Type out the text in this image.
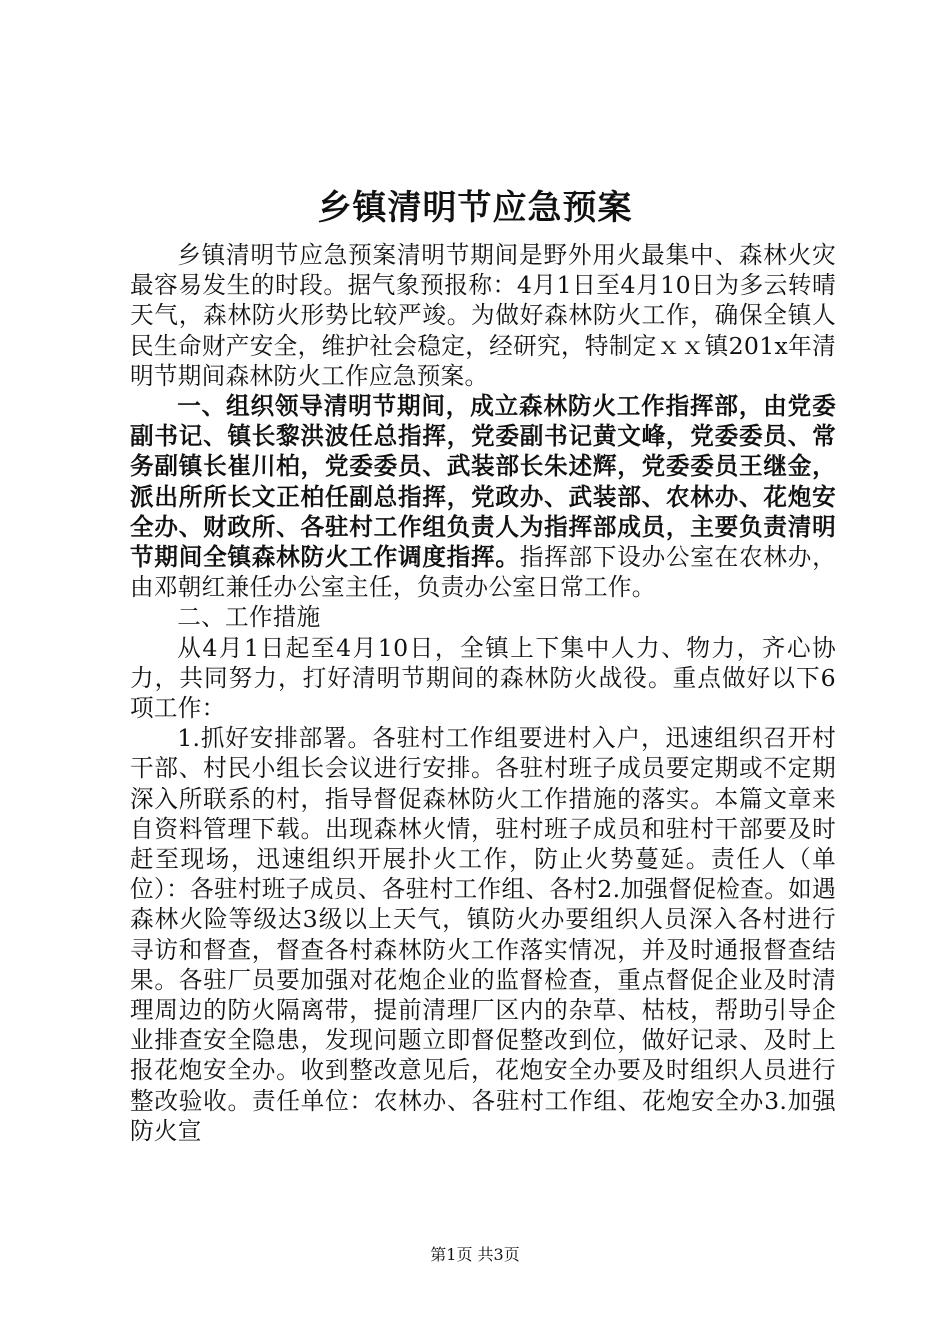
乡镇清明节应急预案

乡镇清明节应急预案清明节期间是野外用火最集中、森林火灾最容易发生的时段。据气象预报称：4月1日至4月10日为多云转晴天气，森林防火形势比较严竣。为做好森林防火工作，确保全镇人民生命财产安全，维护社会稳定，经研究，特制定ｘｘ镇201x年清明节期间森林防火工作应急预案。

一、组织领导清明节期间，成立森林防火工作指挥部，由党委副书记、镇长黎洪波任总指挥，党委副书记黄文峰，党委委员、常务副镇长崔川柏，党委委员、武装部长朱述辉，党委委员王继金，派出所所长文正柏任副总指挥，党政办、武装部、农林办、花炮安全办、财政所、各驻村工作组负责人为指挥部成员，主要负责清明节期间全镇森林防火工作调度指挥。指挥部下设办公室在农林办，由邓朝红兼任办公室主任，负责办公室日常工作。

二、工作措施

从4月1日起至4月10日，全镇上下集中人力、物力，齐心协力，共同努力，打好清明节期间的森林防火战役。重点做好以下6项工作：

1.抓好安排部署。各驻村工作组要进村入户，迅速组织召开村干部、村民小组长会议进行安排。各驻村班子成员要定期或不定期深入所联系的村，指导督促森林防火工作措施的落实。本篇文章来自资料管理下载。出现森林火情，驻村班子成员和驻村干部要及时赶至现场，迅速组织开展扑火工作，防止火势蔓延。责任人（单位）：各驻村班子成员、各驻村工作组、各村2.加强督促检查。如遇森林火险等级达3级以上天气，镇防火办要组织人员深入各村进行寻访和督查，督查各村森林防火工作落实情况，并及时通报督查结果。各驻厂员要加强对花炮企业的监督检查，重点督促企业及时清理周边的防火隔离带，提前清理厂区内的杂草、枯枝，帮助引导企业排查安全隐患，发现问题立即督促整改到位，做好记录、及时上报花炮安全办。收到整改意见后，花炮安全办要及时组织人员进行整改验收。责任单位：农林办、各驻村工作组、花炮安全办3.加强防火宣

第1页 共3页
